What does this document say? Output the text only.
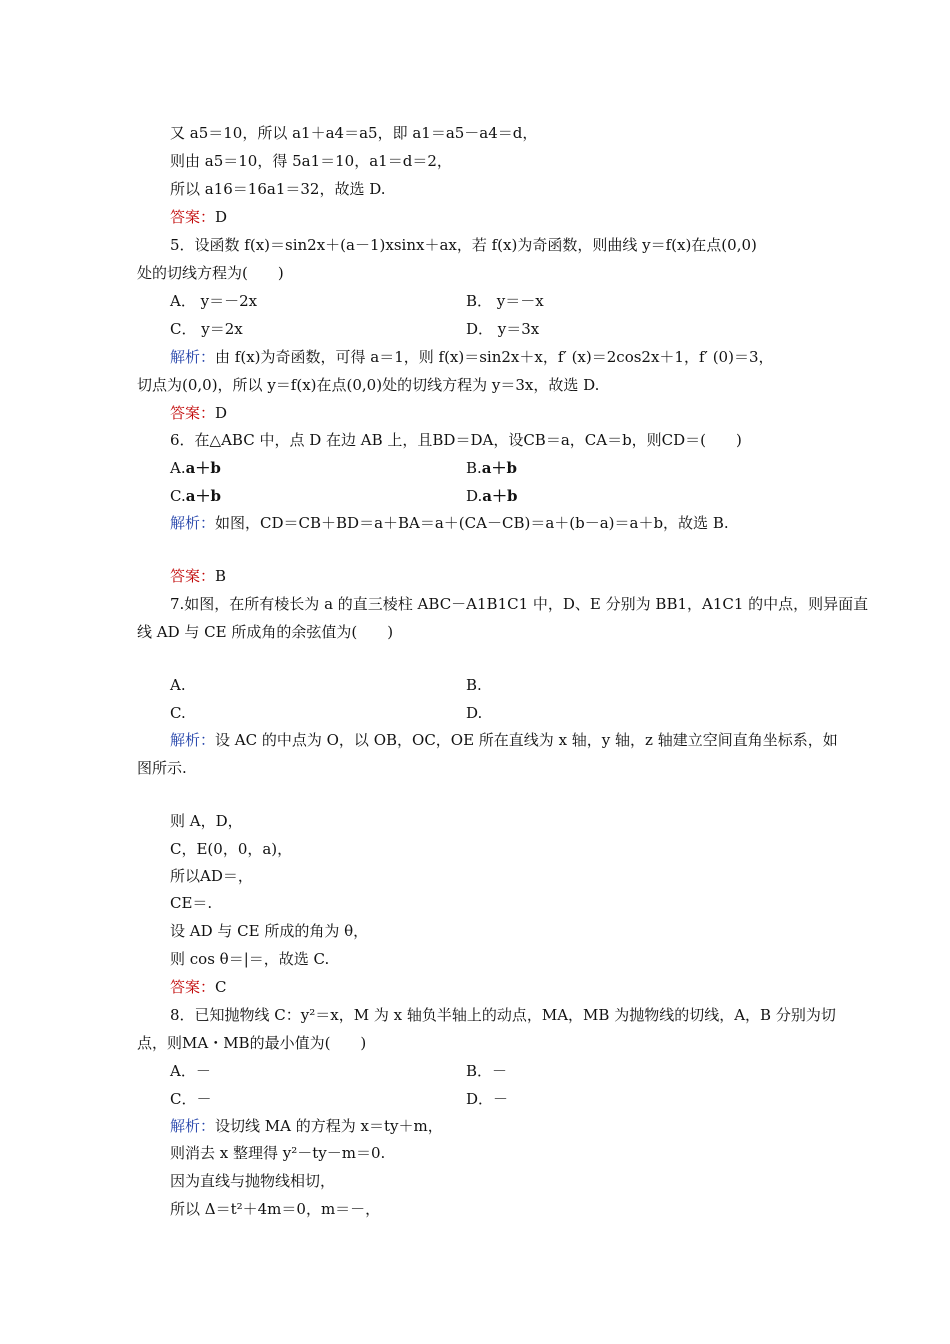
又 a5＝10，所以 a1＋a4＝a5，即 a1＝a5－a4＝d，
则由 a5＝10，得 5a1＝10，a1＝d＝2，
所以 a16＝16a1＝32，故选 D.
答案：D
5．设函数 f(x)＝sin2x＋(a－1)xsinx＋ax，若 f(x)为奇函数，则曲线 y＝f(x)在点(0,0)
处的切线方程为(　　)
A． y＝－2x	B． y＝－x
C． y＝2x	D． y＝3x
解析：由 f(x)为奇函数，可得 a＝1，则 f(x)＝sin2x＋x，f′ (x)＝2cos2x＋1，f′ (0)＝3，
切点为(0,0)，所以 y＝f(x)在点(0,0)处的切线方程为 y＝3x，故选 D.
答案：D
6．在△ABC 中，点 D 在边 AB 上，且BD＝DA，设CB＝a，CA＝b，则CD＝(　　)
A.a＋b	B.a＋b
C.a＋b	D.a＋b
解析：如图，CD＝CB＋BD＝a＋BA＝a＋(CA－CB)＝a＋(b－a)＝a＋b，故选 B.
答案：B
7.如图，在所有棱长为 a 的直三棱柱 ABC－A1B1C1 中，D、E 分别为 BB1，A1C1 的中点，则异面直
线 AD 与 CE 所成角的余弦值为(　　)
A.	B.
C.	D.
解析：设 AC 的中点为 O，以 OB，OC，OE 所在直线为 x 轴，y 轴，z 轴建立空间直角坐标系，如
图所示.
则 A，D，
C，E(0，0，a)，
所以AD＝，
CE＝.
设 AD 与 CE 所成的角为 θ，
则 cos θ＝|＝，故选 C.
答案：C
8．已知抛物线 C：y²＝x，M 为 x 轴负半轴上的动点，MA，MB 为抛物线的切线，A，B 分别为切
点，则MA・MB的最小值为(　　)
A．－	B．－
C．－	D．－
解析：设切线 MA 的方程为 x＝ty＋m，
则消去 x 整理得 y²－ty－m＝0.
因为直线与抛物线相切，
所以 Δ＝t²＋4m＝0，m＝－，
